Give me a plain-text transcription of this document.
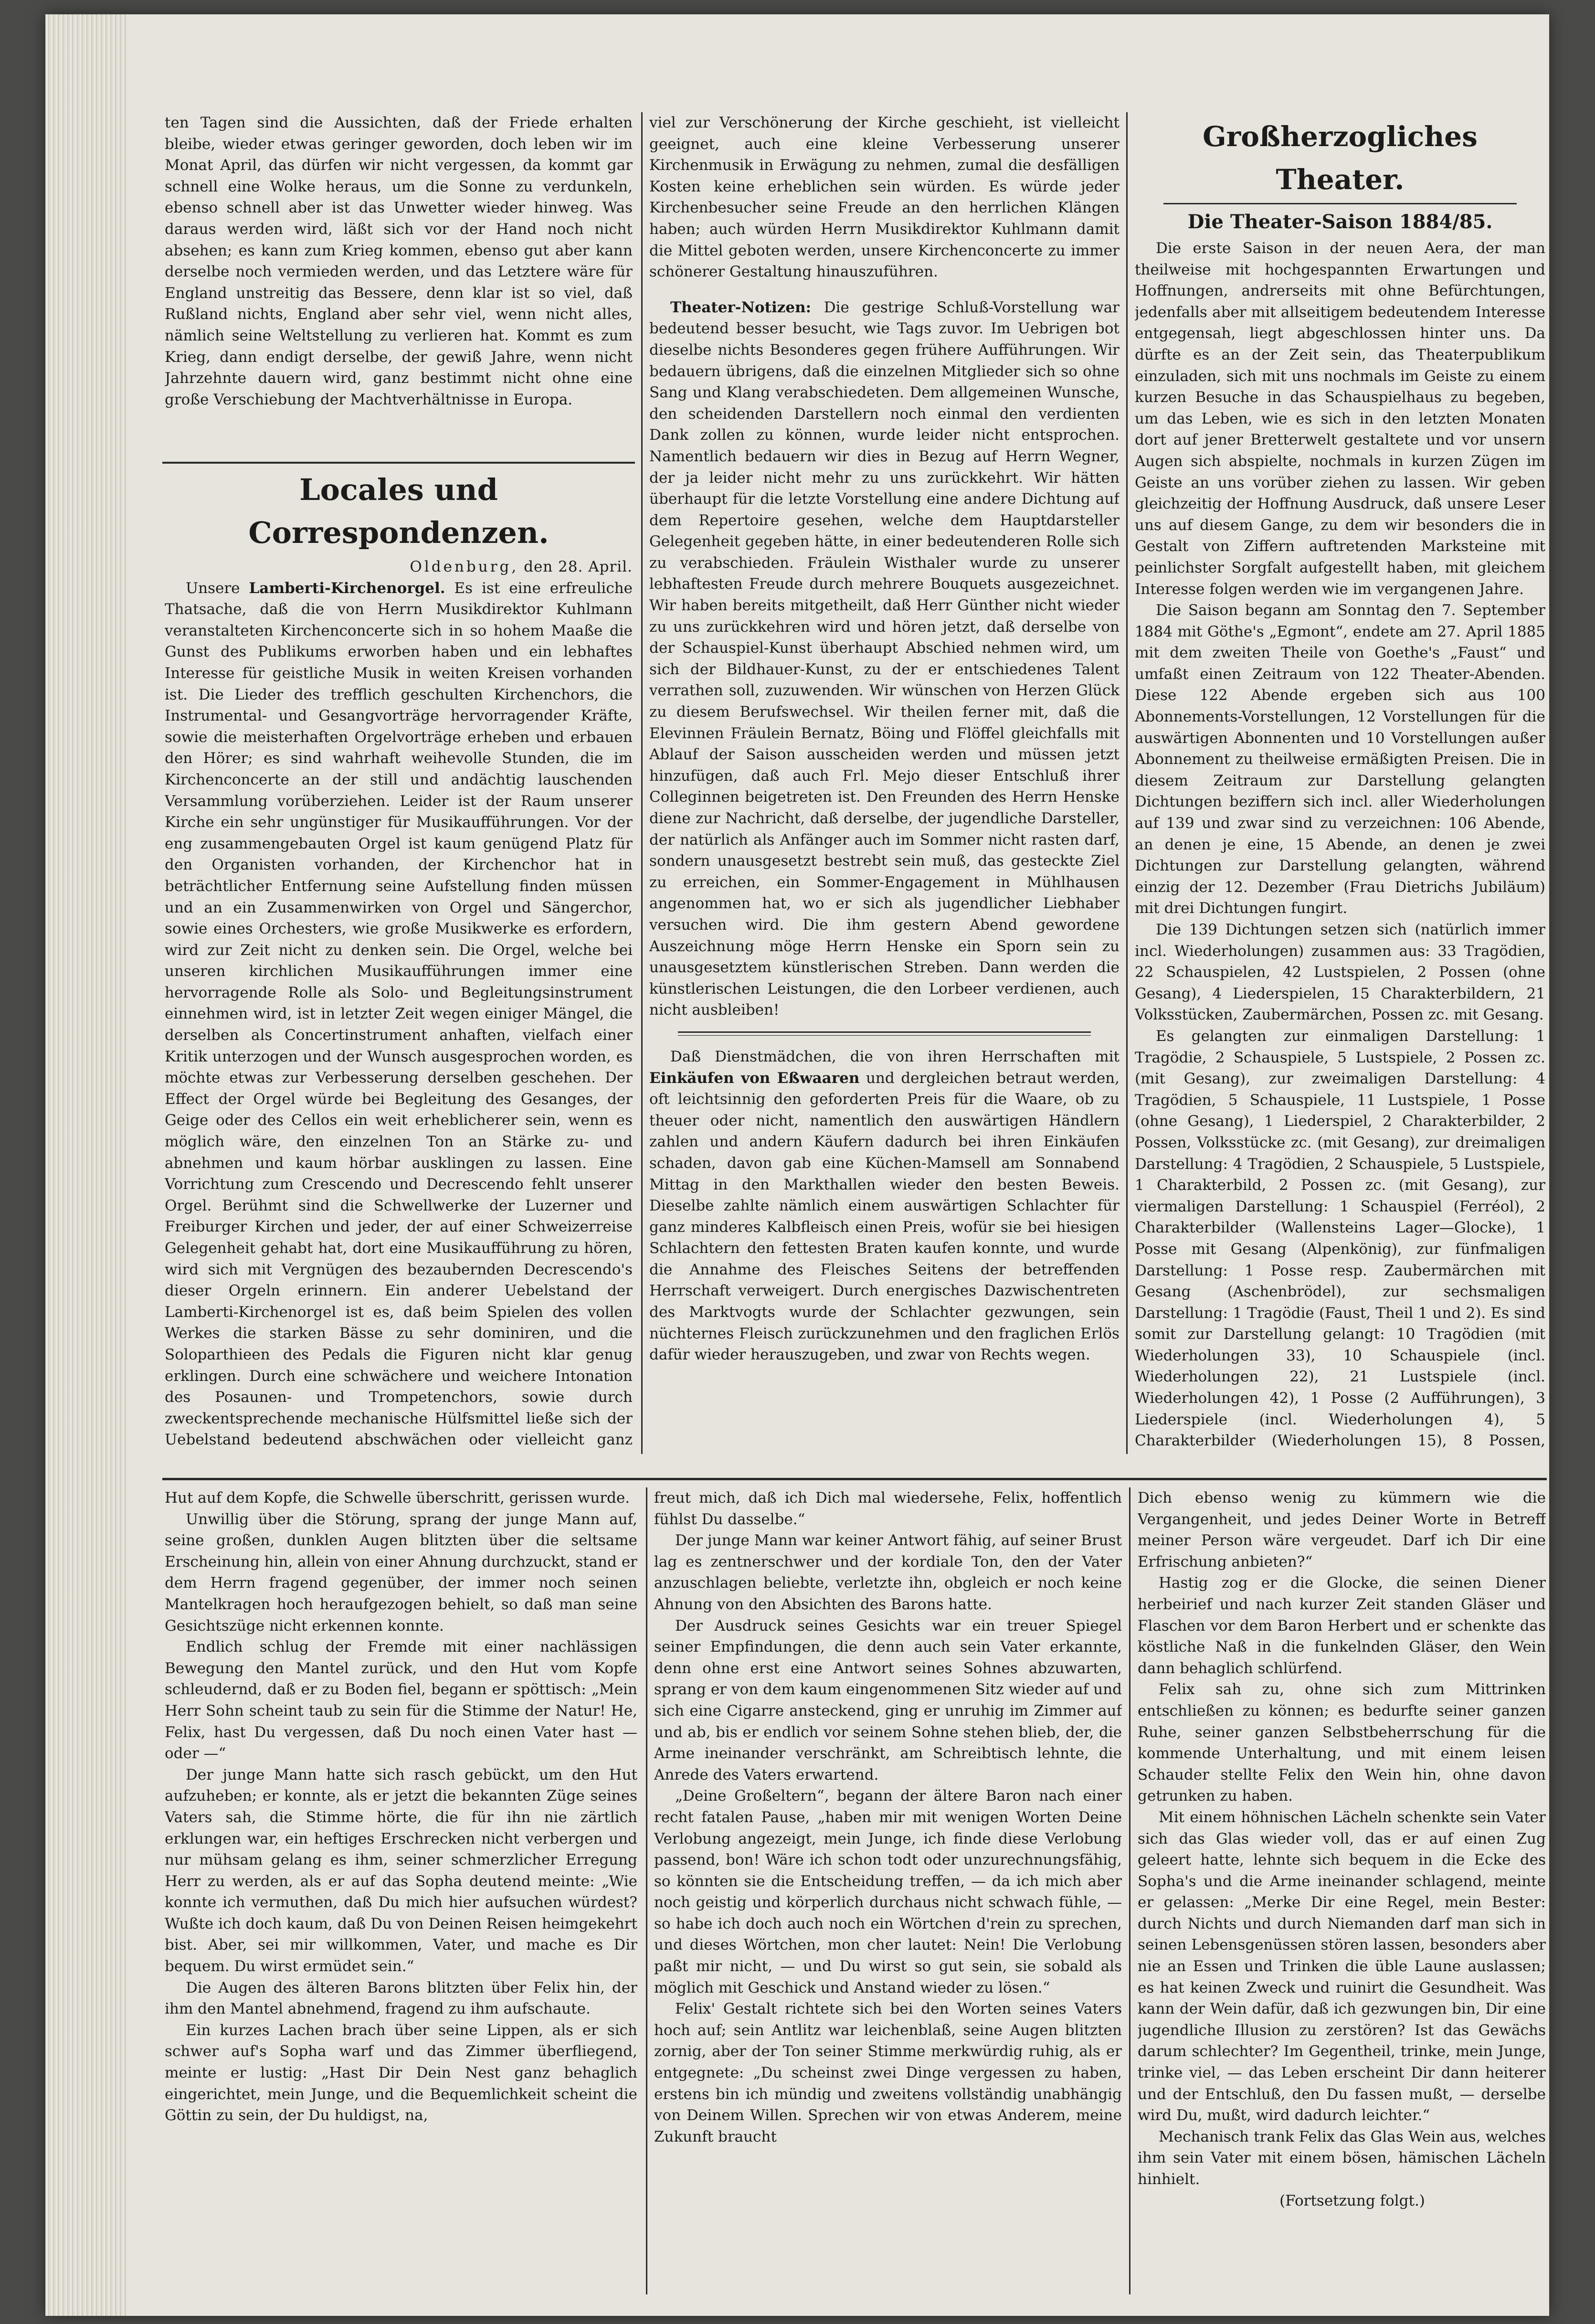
ten Tagen sind die Aussichten, daß der Friede erhalten bleibe, wieder etwas geringer geworden, doch leben wir im Monat April, das dürfen wir nicht vergessen, da kommt gar schnell eine Wolke heraus, um die Sonne zu verdunkeln, ebenso schnell aber ist das Unwetter wieder hinweg. Was daraus werden wird, läßt sich vor der Hand noch nicht absehen; es kann zum Krieg kommen, ebenso gut aber kann derselbe noch vermieden werden, und das Letztere wäre für England unstreitig das Bessere, denn klar ist so viel, daß Rußland nichts, England aber sehr viel, wenn nicht alles, nämlich seine Weltstellung zu verlieren hat. Kommt es zum Krieg, dann endigt derselbe, der gewiß Jahre, wenn nicht Jahrzehnte dauern wird, ganz bestimmt nicht ohne eine große Verschiebung der Machtverhältnisse in Europa.

Locales und Correspondenzen.

Oldenburg, den 28. April.

Unsere Lamberti-Kirchenorgel. Es ist eine erfreuliche Thatsache, daß die von Herrn Musikdirektor Kuhlmann veranstalteten Kirchenconcerte sich in so hohem Maaße die Gunst des Publikums erworben haben und ein lebhaftes Interesse für geistliche Musik in weiten Kreisen vorhanden ist. Die Lieder des trefflich geschulten Kirchenchors, die Instrumental- und Gesangvorträge hervorragender Kräfte, sowie die meisterhaften Orgelvorträge erheben und erbauen den Hörer; es sind wahrhaft weihevolle Stunden, die im Kirchenconcerte an der still und andächtig lauschenden Versammlung vorüberziehen. Leider ist der Raum unserer Kirche ein sehr ungünstiger für Musikaufführungen. Vor der eng zusammengebauten Orgel ist kaum genügend Platz für den Organisten vorhanden, der Kirchenchor hat in beträchtlicher Entfernung seine Aufstellung finden müssen und an ein Zusammenwirken von Orgel und Sängerchor, sowie eines Orchesters, wie große Musikwerke es erfordern, wird zur Zeit nicht zu denken sein. Die Orgel, welche bei unseren kirchlichen Musikaufführungen immer eine hervorragende Rolle als Solo- und Begleitungsinstrument einnehmen wird, ist in letzter Zeit wegen einiger Mängel, die derselben als Concertinstrument anhaften, vielfach einer Kritik unterzogen und der Wunsch ausgesprochen worden, es möchte etwas zur Verbesserung derselben geschehen. Der Effect der Orgel würde bei Begleitung des Gesanges, der Geige oder des Cellos ein weit erheblicherer sein, wenn es möglich wäre, den einzelnen Ton an Stärke zu- und abnehmen und kaum hörbar ausklingen zu lassen. Eine Vorrichtung zum Crescendo und Decrescendo fehlt unserer Orgel. Berühmt sind die Schwellwerke der Luzerner und Freiburger Kirchen und jeder, der auf einer Schweizerreise Gelegenheit gehabt hat, dort eine Musikaufführung zu hören, wird sich mit Vergnügen des bezaubernden Decrescendo's dieser Orgeln erinnern. Ein anderer Uebelstand der Lamberti-Kirchenorgel ist es, daß beim Spielen des vollen Werkes die starken Bässe zu sehr dominiren, und die Soloparthieen des Pedals die Figuren nicht klar genug erklingen. Durch eine schwächere und weichere Intonation des Posaunen- und Trompetenchors, sowie durch zweckentsprechende mechanische Hülfsmittel ließe sich der Uebelstand bedeutend abschwächen oder vielleicht ganz

viel zur Verschönerung der Kirche geschieht, ist vielleicht geeignet, auch eine kleine Verbesserung unserer Kirchenmusik in Erwägung zu nehmen, zumal die desfälligen Kosten keine erheblichen sein würden. Es würde jeder Kirchenbesucher seine Freude an den herrlichen Klängen haben; auch würden Herrn Musikdirektor Kuhlmann damit die Mittel geboten werden, unsere Kirchenconcerte zu immer schönerer Gestaltung hinauszuführen.

Theater-Notizen: Die gestrige Schluß-Vorstellung war bedeutend besser besucht, wie Tags zuvor. Im Uebrigen bot dieselbe nichts Besonderes gegen frühere Aufführungen. Wir bedauern übrigens, daß die einzelnen Mitglieder sich so ohne Sang und Klang verabschiedeten. Dem allgemeinen Wunsche, den scheidenden Darstellern noch einmal den verdienten Dank zollen zu können, wurde leider nicht entsprochen. Namentlich bedauern wir dies in Bezug auf Herrn Wegner, der ja leider nicht mehr zu uns zurückkehrt. Wir hätten überhaupt für die letzte Vorstellung eine andere Dichtung auf dem Repertoire gesehen, welche dem Hauptdarsteller Gelegenheit gegeben hätte, in einer bedeutenderen Rolle sich zu verabschieden. Fräulein Wisthaler wurde zu unserer lebhaftesten Freude durch mehrere Bouquets ausgezeichnet. Wir haben bereits mitgetheilt, daß Herr Günther nicht wieder zu uns zurückkehren wird und hören jetzt, daß derselbe von der Schauspiel-Kunst überhaupt Abschied nehmen wird, um sich der Bildhauer-Kunst, zu der er entschiedenes Talent verrathen soll, zuzuwenden. Wir wünschen von Herzen Glück zu diesem Berufswechsel. Wir theilen ferner mit, daß die Elevinnen Fräulein Bernatz, Böing und Flöffel gleichfalls mit Ablauf der Saison ausscheiden werden und müssen jetzt hinzufügen, daß auch Frl. Mejo dieser Entschluß ihrer Colleginnen beigetreten ist. Den Freunden des Herrn Henske diene zur Nachricht, daß derselbe, der jugendliche Darsteller, der natürlich als Anfänger auch im Sommer nicht rasten darf, sondern unausgesetzt bestrebt sein muß, das gesteckte Ziel zu erreichen, ein Sommer-Engagement in Mühlhausen angenommen hat, wo er sich als jugendlicher Liebhaber versuchen wird. Die ihm gestern Abend gewordene Auszeichnung möge Herrn Henske ein Sporn sein zu unausgesetztem künstlerischen Streben. Dann werden die künstlerischen Leistungen, die den Lorbeer verdienen, auch nicht ausbleiben!

Daß Dienstmädchen, die von ihren Herrschaften mit Einkäufen von Eßwaaren und dergleichen betraut werden, oft leichtsinnig den geforderten Preis für die Waare, ob zu theuer oder nicht, namentlich den auswärtigen Händlern zahlen und andern Käufern dadurch bei ihren Einkäufen schaden, davon gab eine Küchen-Mamsell am Sonnabend Mittag in den Markthallen wieder den besten Beweis. Dieselbe zahlte nämlich einem auswärtigen Schlachter für ganz minderes Kalbfleisch einen Preis, wofür sie bei hiesigen Schlachtern den fettesten Braten kaufen konnte, und wurde die Annahme des Fleisches Seitens der betreffenden Herrschaft verweigert. Durch energisches Dazwischentreten des Marktvogts wurde der Schlachter gezwungen, sein nüchternes Fleisch zurückzunehmen und den fraglichen Erlös dafür wieder herauszugeben, und zwar von Rechts wegen.

Großherzogliches Theater.
Die Theater-Saison 1884/85.

Die erste Saison in der neuen Aera, der man theilweise mit hochgespannten Erwartungen und Hoffnungen, andrerseits mit ohne Befürchtungen, jedenfalls aber mit allseitigem bedeutendem Interesse entgegensah, liegt abgeschlossen hinter uns. Da dürfte es an der Zeit sein, das Theaterpublikum einzuladen, sich mit uns nochmals im Geiste zu einem kurzen Besuche in das Schauspielhaus zu begeben, um das Leben, wie es sich in den letzten Monaten dort auf jener Bretterwelt gestaltete und vor unsern Augen sich abspielte, nochmals in kurzen Zügen im Geiste an uns vorüber ziehen zu lassen. Wir geben gleichzeitig der Hoffnung Ausdruck, daß unsere Leser uns auf diesem Gange, zu dem wir besonders die in Gestalt von Ziffern auftretenden Marksteine mit peinlichster Sorgfalt aufgestellt haben, mit gleichem Interesse folgen werden wie im vergangenen Jahre.

Die Saison begann am Sonntag den 7. September 1884 mit Göthe's „Egmont“, endete am 27. April 1885 mit dem zweiten Theile von Goethe's „Faust“ und umfaßt einen Zeitraum von 122 Theater-Abenden. Diese 122 Abende ergeben sich aus 100 Abonnements-Vorstellungen, 12 Vorstellungen für die auswärtigen Abonnenten und 10 Vorstellungen außer Abonnement zu theilweise ermäßigten Preisen. Die in diesem Zeitraum zur Darstellung gelangten Dichtungen beziffern sich incl. aller Wiederholungen auf 139 und zwar sind zu verzeichnen: 106 Abende, an denen je eine, 15 Abende, an denen je zwei Dichtungen zur Darstellung gelangten, während einzig der 12. Dezember (Frau Dietrichs Jubiläum) mit drei Dichtungen fungirt.

Die 139 Dichtungen setzen sich (natürlich immer incl. Wiederholungen) zusammen aus: 33 Tragödien, 22 Schauspielen, 42 Lustspielen, 2 Possen (ohne Gesang), 4 Liederspielen, 15 Charakterbildern, 21 Volksstücken, Zaubermärchen, Possen zc. mit Gesang.

Es gelangten zur einmaligen Darstellung: 1 Tragödie, 2 Schauspiele, 5 Lustspiele, 2 Possen zc. (mit Gesang), zur zweimaligen Darstellung: 4 Tragödien, 5 Schauspiele, 11 Lustspiele, 1 Posse (ohne Gesang), 1 Liederspiel, 2 Charakterbilder, 2 Possen, Volksstücke zc. (mit Gesang), zur dreimaligen Darstellung: 4 Tragödien, 2 Schauspiele, 5 Lustspiele, 1 Charakterbild, 2 Possen zc. (mit Gesang), zur viermaligen Darstellung: 1 Schauspiel (Ferréol), 2 Charakterbilder (Wallensteins Lager—Glocke), 1 Posse mit Gesang (Alpenkönig), zur fünfmaligen Darstellung: 1 Posse resp. Zaubermärchen mit Gesang (Aschenbrödel), zur sechsmaligen Darstellung: 1 Tragödie (Faust, Theil 1 und 2). Es sind somit zur Darstellung gelangt: 10 Tragödien (mit Wiederholungen 33), 10 Schauspiele (incl. Wiederholungen 22), 21 Lustspiele (incl. Wiederholungen 42), 1 Posse (2 Aufführungen), 3 Liederspiele (incl. Wiederholungen 4), 5 Charakterbilder (Wiederholungen 15), 8 Possen,

Hut auf dem Kopfe, die Schwelle überschritt, gerissen wurde.

Unwillig über die Störung, sprang der junge Mann auf, seine großen, dunklen Augen blitzten über die seltsame Erscheinung hin, allein von einer Ahnung durchzuckt, stand er dem Herrn fragend gegenüber, der immer noch seinen Mantelkragen hoch heraufgezogen behielt, so daß man seine Gesichtszüge nicht erkennen konnte.

Endlich schlug der Fremde mit einer nachlässigen Bewegung den Mantel zurück, und den Hut vom Kopfe schleudernd, daß er zu Boden fiel, begann er spöttisch: „Mein Herr Sohn scheint taub zu sein für die Stimme der Natur! He, Felix, hast Du vergessen, daß Du noch einen Vater hast — oder —“

Der junge Mann hatte sich rasch gebückt, um den Hut aufzuheben; er konnte, als er jetzt die bekannten Züge seines Vaters sah, die Stimme hörte, die für ihn nie zärtlich erklungen war, ein heftiges Erschrecken nicht verbergen und nur mühsam gelang es ihm, seiner schmerzlicher Erregung Herr zu werden, als er auf das Sopha deutend meinte: „Wie konnte ich vermuthen, daß Du mich hier aufsuchen würdest? Wußte ich doch kaum, daß Du von Deinen Reisen heimgekehrt bist. Aber, sei mir willkommen, Vater, und mache es Dir bequem. Du wirst ermüdet sein.“

Die Augen des älteren Barons blitzten über Felix hin, der ihm den Mantel abnehmend, fragend zu ihm aufschaute.

Ein kurzes Lachen brach über seine Lippen, als er sich schwer auf's Sopha warf und das Zimmer überfliegend, meinte er lustig: „Hast Dir Dein Nest ganz behaglich eingerichtet, mein Junge, und die Bequemlichkeit scheint die Göttin zu sein, der Du huldigst, na,

freut mich, daß ich Dich mal wiedersehe, Felix, hoffentlich fühlst Du dasselbe.“

Der junge Mann war keiner Antwort fähig, auf seiner Brust lag es zentnerschwer und der kordiale Ton, den der Vater anzuschlagen beliebte, verletzte ihn, obgleich er noch keine Ahnung von den Absichten des Barons hatte.

Der Ausdruck seines Gesichts war ein treuer Spiegel seiner Empfindungen, die denn auch sein Vater erkannte, denn ohne erst eine Antwort seines Sohnes abzuwarten, sprang er von dem kaum eingenommenen Sitz wieder auf und sich eine Cigarre ansteckend, ging er unruhig im Zimmer auf und ab, bis er endlich vor seinem Sohne stehen blieb, der, die Arme ineinander verschränkt, am Schreibtisch lehnte, die Anrede des Vaters erwartend.

„Deine Großeltern“, begann der ältere Baron nach einer recht fatalen Pause, „haben mir mit wenigen Worten Deine Verlobung angezeigt, mein Junge, ich finde diese Verlobung passend, bon! Wäre ich schon todt oder unzurechnungsfähig, so könnten sie die Entscheidung treffen, — da ich mich aber noch geistig und körperlich durchaus nicht schwach fühle, — so habe ich doch auch noch ein Wörtchen d'rein zu sprechen, und dieses Wörtchen, mon cher lautet: Nein! Die Verlobung paßt mir nicht, — und Du wirst so gut sein, sie sobald als möglich mit Geschick und Anstand wieder zu lösen.“

Felix' Gestalt richtete sich bei den Worten seines Vaters hoch auf; sein Antlitz war leichenblaß, seine Augen blitzten zornig, aber der Ton seiner Stimme merkwürdig ruhig, als er entgegnete: „Du scheinst zwei Dinge vergessen zu haben, erstens bin ich mündig und zweitens vollständig unabhängig von Deinem Willen. Sprechen wir von etwas Anderem, meine Zukunft braucht

Dich ebenso wenig zu kümmern wie die Vergangenheit, und jedes Deiner Worte in Betreff meiner Person wäre vergeudet. Darf ich Dir eine Erfrischung anbieten?“

Hastig zog er die Glocke, die seinen Diener herbeirief und nach kurzer Zeit standen Gläser und Flaschen vor dem Baron Herbert und er schenkte das köstliche Naß in die funkelnden Gläser, den Wein dann behaglich schlürfend.

Felix sah zu, ohne sich zum Mittrinken entschließen zu können; es bedurfte seiner ganzen Ruhe, seiner ganzen Selbstbeherrschung für die kommende Unterhaltung, und mit einem leisen Schauder stellte Felix den Wein hin, ohne davon getrunken zu haben.

Mit einem höhnischen Lächeln schenkte sein Vater sich das Glas wieder voll, das er auf einen Zug geleert hatte, lehnte sich bequem in die Ecke des Sopha's und die Arme ineinander schlagend, meinte er gelassen: „Merke Dir eine Regel, mein Bester: durch Nichts und durch Niemanden darf man sich in seinen Lebensgenüssen stören lassen, besonders aber nie an Essen und Trinken die üble Laune auslassen; es hat keinen Zweck und ruinirt die Gesundheit. Was kann der Wein dafür, daß ich gezwungen bin, Dir eine jugendliche Illusion zu zerstören? Ist das Gewächs darum schlechter? Im Gegentheil, trinke, mein Junge, trinke viel, — das Leben erscheint Dir dann heiterer und der Entschluß, den Du fassen mußt, — derselbe wird Du, mußt, wird dadurch leichter.“

Mechanisch trank Felix das Glas Wein aus, welches ihm sein Vater mit einem bösen, hämischen Lächeln hinhielt.

(Fortsetzung folgt.)
